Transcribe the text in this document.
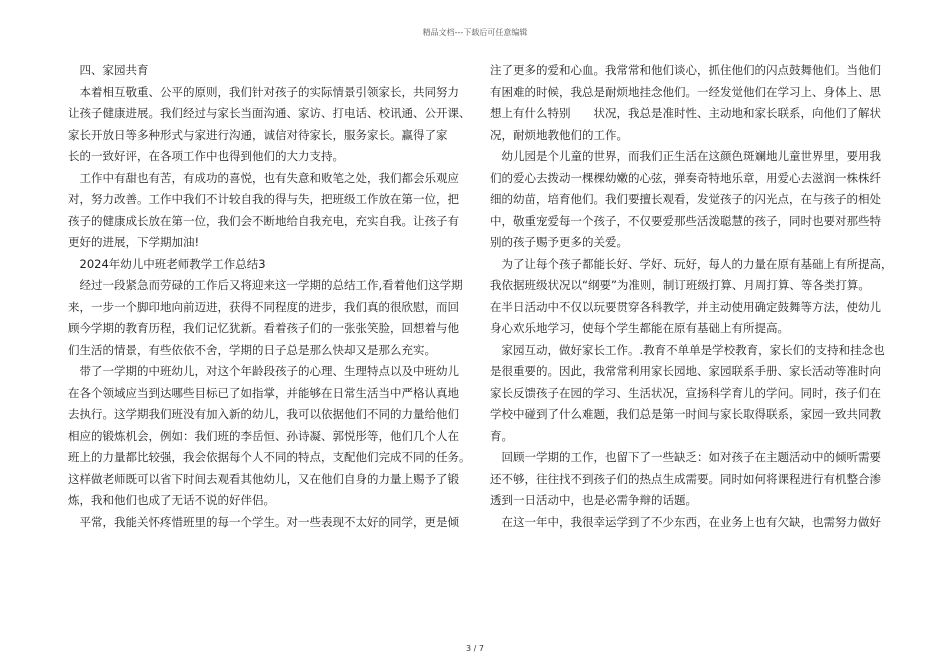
精品文档---下载后可任意编辑
　四、家园共育
　本着相互敬重、公平的原则，我们针对孩子的实际情景引领家长，共同努力
让孩子健康进展。我们经过与家长当面沟通、家访、打电话、校讯通、公开课、
家长开放日等多种形式与家进行沟通，诚信对待家长，服务家长。赢得了家
长的一致好评，在各项工作中也得到他们的大力支持。
　工作中有甜也有苦，有成功的喜悦，也有失意和败笔之处，我们都会乐观应
对，努力改善。工作中我们不计较自我的得与失，把班级工作放在第一位，把
孩子的健康成长放在第一位，我们会不断地给自我充电，充实自我。让孩子有
更好的进展，下学期加油!
　2024年幼儿中班老师教学工作总结3
　经过一段紧急而劳碌的工作后又将迎来这一学期的总结工作,看着他们这学期
来，一步一个脚印地向前迈进，获得不同程度的进步，我们真的很欣慰，而回
顾今学期的教育历程，我们记忆犹新。看着孩子们的一张张笑脸，回想着与他
们生活的情景，有些依依不舍，学期的日子总是那么快却又是那么充实。
　带了一学期的中班幼儿，对这个年龄段孩子的心理、生理特点以及中班幼儿
在各个领域应当到达哪些目标已了如指掌，并能够在日常生活当中严格认真地
去执行。这学期我们班没有加入新的幼儿，我可以依据他们不同的力量给他们
相应的锻炼机会，例如：我们班的李岳恒、孙诗凝、郭悦彤等，他们几个人在
班上的力量都比较强，我会依据每个人不同的特点，支配他们完成不同的任务。
这样做老师既可以省下时间去观看其他幼儿，又在他们自身的力量上赐予了锻
炼，我和他们也成了无话不说的好伴侣。
　平常，我能关怀疼惜班里的每一个学生。对一些表现不太好的同学，更是倾
注了更多的爱和心血。我常常和他们谈心，抓住他们的闪点鼓舞他们。当他们
有困难的时候，我总是耐烦地挂念他们。一经发觉他们在学习上、身体上、思
想上有什么特别　　状况，我总是准时性、主动地和家长联系，向他们了解状
况，耐烦地教他们的工作。
　幼儿园是个儿童的世界，而我们正生活在这颜色斑斓地儿童世界里，要用我
们的爱心去拨动一棵棵幼嫩的心弦，弹奏奇特地乐章，用爱心去滋润一株株纤
细的幼苗，培育他们。我们要擅长观看，发觉孩子的闪光点，在与孩子的相处
中，敬重宠爱每一个孩子，不仅要爱那些活泼聪慧的孩子，同时也要对那些特
别的孩子赐予更多的关爱。
　为了让每个孩子都能长好、学好、玩好，每人的力量在原有基础上有所提高，
我依据班级状况以“纲要”为准则，制订班级打算、月周打算、等各类打算。
在半日活动中不仅以玩要贯穿各科教学，并主动使用确定鼓舞等方法，使幼儿
身心欢乐地学习，使每个学生都能在原有基础上有所提高。
　家园互动，做好家长工作。.教育不单单是学校教育，家长们的支持和挂念也
是很重要的。因此，我常常利用家长园地、家园联系手册、家长活动等准时向
家长反馈孩子在园的学习、生活状况，宣扬科学育儿的学问。同时，孩子们在
学校中碰到了什么难题，我们总是第一时间与家长取得联系，家园一致共同教
育。
　回顾一学期的工作，也留下了一些缺乏：如对孩子在主题活动中的倾听需要
还不够，往往找不到孩子们的热点生成需要。同时如何将课程进行有机整合渗
透到一日活动中，也是必需争辩的话题。
　在这一年中，我很幸运学到了不少东西，在业务上也有欠缺，也需努力做好
3 / 7
